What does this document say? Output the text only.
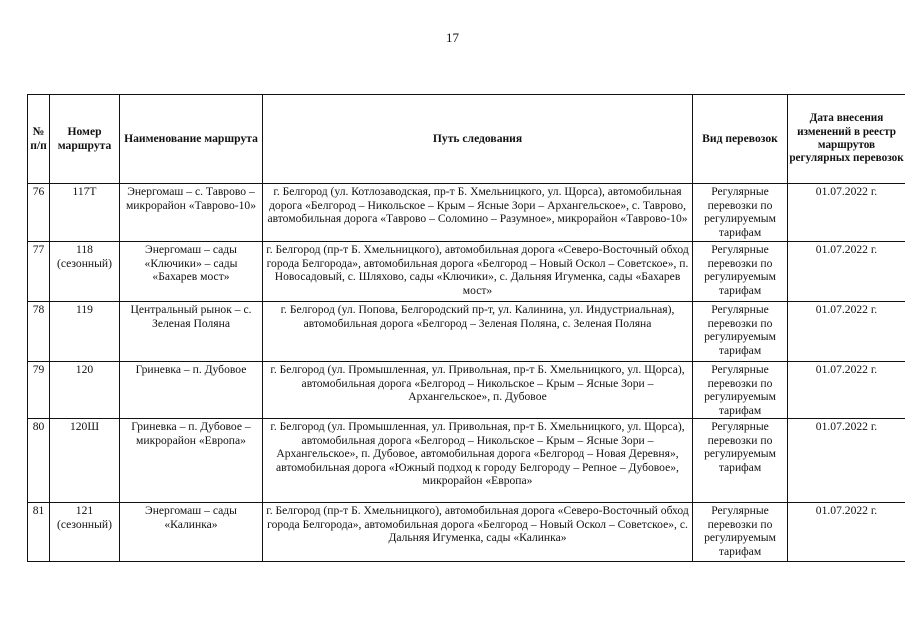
17
№ п/п	Номер маршрута	Наименование маршрута	Путь следования	Вид перевозок	Дата внесения изменений в реестр маршрутов регулярных перевозок
76	117Т	Энергомаш – с. Таврово – микрорайон «Таврово-10»	г. Белгород (ул. Котлозаводская, пр-т Б. Хмельницкого, ул. Щорса), автомобильная дорога «Белгород – Никольское – Крым – Ясные Зори – Архангельское», с. Таврово, автомобильная дорога «Таврово – Соломино – Разумное», микрорайон «Таврово-10»	Регулярные перевозки по регулируемым тарифам	01.07.2022 г.
77	118 (сезонный)	Энергомаш – сады «Ключики» – сады «Бахарев мост»	г. Белгород (пр-т Б. Хмельницкого), автомобильная дорога «Северо-Восточный обход города Белгорода», автомобильная дорога «Белгород – Новый Оскол – Советское», п. Новосадовый, с. Шляхово, сады «Ключики», с. Дальняя Игуменка, сады «Бахарев мост»	Регулярные перевозки по регулируемым тарифам	01.07.2022 г.
78	119	Центральный рынок – с. Зеленая Поляна	г. Белгород (ул. Попова, Белгородский пр-т, ул. Калинина, ул. Индустриальная), автомобильная дорога «Белгород – Зеленая Поляна, с. Зеленая Поляна	Регулярные перевозки по регулируемым тарифам	01.07.2022 г.
79	120	Гриневка – п. Дубовое	г. Белгород (ул. Промышленная, ул. Привольная, пр-т Б. Хмельницкого, ул. Щорса), автомобильная дорога «Белгород – Никольское – Крым – Ясные Зори – Архангельское», п. Дубовое	Регулярные перевозки по регулируемым тарифам	01.07.2022 г.
80	120Ш	Гриневка – п. Дубовое – микрорайон «Европа»	г. Белгород (ул. Промышленная, ул. Привольная, пр-т Б. Хмельницкого, ул. Щорса), автомобильная дорога «Белгород – Никольское – Крым – Ясные Зори – Архангельское», п. Дубовое, автомобильная дорога «Белгород – Новая Деревня», автомобильная дорога «Южный подход к городу Белгороду – Репное – Дубовое», микрорайон «Европа»	Регулярные перевозки по регулируемым тарифам	01.07.2022 г.
81	121 (сезонный)	Энергомаш – сады «Калинка»	г. Белгород (пр-т Б. Хмельницкого), автомобильная дорога «Северо-Восточный обход города Белгорода», автомобильная дорога «Белгород – Новый Оскол – Советское», с. Дальняя Игуменка, сады «Калинка»	Регулярные перевозки по регулируемым тарифам	01.07.2022 г.
